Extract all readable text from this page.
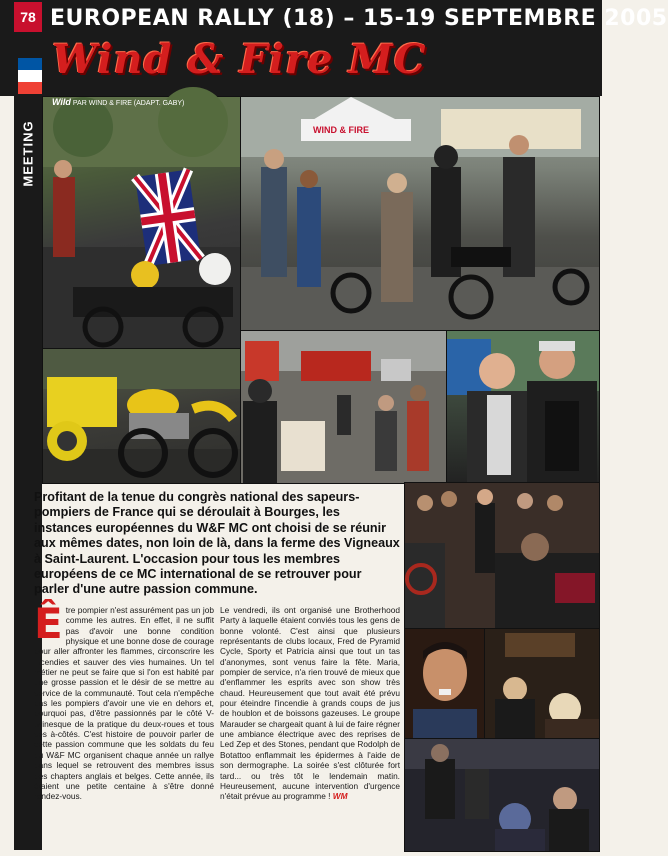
78 EUROPEAN RALLY (18) – 15-19 SEPTEMBRE 2005
Wind & Fire MC
MEETING	WIND & FIRE
Wild PAR WIND & FIRE (ADAPT. GABY)
Profitant de la tenue du congrès national des sapeurs-pompiers de France qui se déroulait à Bourges, les instances européennes du W&F MC ont choisi de se réunir aux mêmes dates, non loin de là, dans la ferme des Vigneaux à Saint-Laurent. L'occasion pour tous les membres européens de ce MC international de se retrouver pour parler d'une autre passion commune.
Être pompier n'est assurément pas un job comme les autres. En effet, il ne suffit pas d'avoir une bonne condition physique et une bonne dose de courage pour aller affronter les flammes, circonscrire les incendies et sauver des vies humaines. Un tel métier ne peut se faire que si l'on est habité par une grosse passion et le désir de se mettre au service de la communauté. Tout cela n'empêche pas les pompiers d'avoir une vie en dehors et, pourquoi pas, d'être passionnés par le côté V-twinesque de la pratique du deux-roues et tous ses à-côtés. C'est histoire de pouvoir parler de cette passion commune que les soldats du feu du W&F MC organisent chaque année un rallye dans lequel se retrouvent des membres issus des chapters anglais et belges. Cette année, ils étaient une petite centaine à s'être donné rendez-vous.
Le vendredi, ils ont organisé une Brotherhood Party à laquelle étaient conviés tous les gens de bonne volonté. C'est ainsi que plusieurs représentants de clubs locaux, Fred de Pyramid Cycle, Sporty et Patricia ainsi que tout un tas d'anonymes, sont venus faire la fête. Maria, pompier de service, n'a rien trouvé de mieux que d'enflammer les esprits avec son show très chaud. Heureusement que tout avait été prévu pour éteindre l'incendie à grands coups de jus de houblon et de boissons gazeuses. Le groupe Marauder se chargeait quant à lui de faire régner une ambiance électrique avec des reprises de Led Zep et des Stones, pendant que Rodolph de Botattoo enflammait les épidermes à l'aide de son dermographe. La soirée s'est clôturée fort tard... ou très tôt le lendemain matin. Heureusement, aucune intervention d'urgence n'était prévue au programme ! WM
